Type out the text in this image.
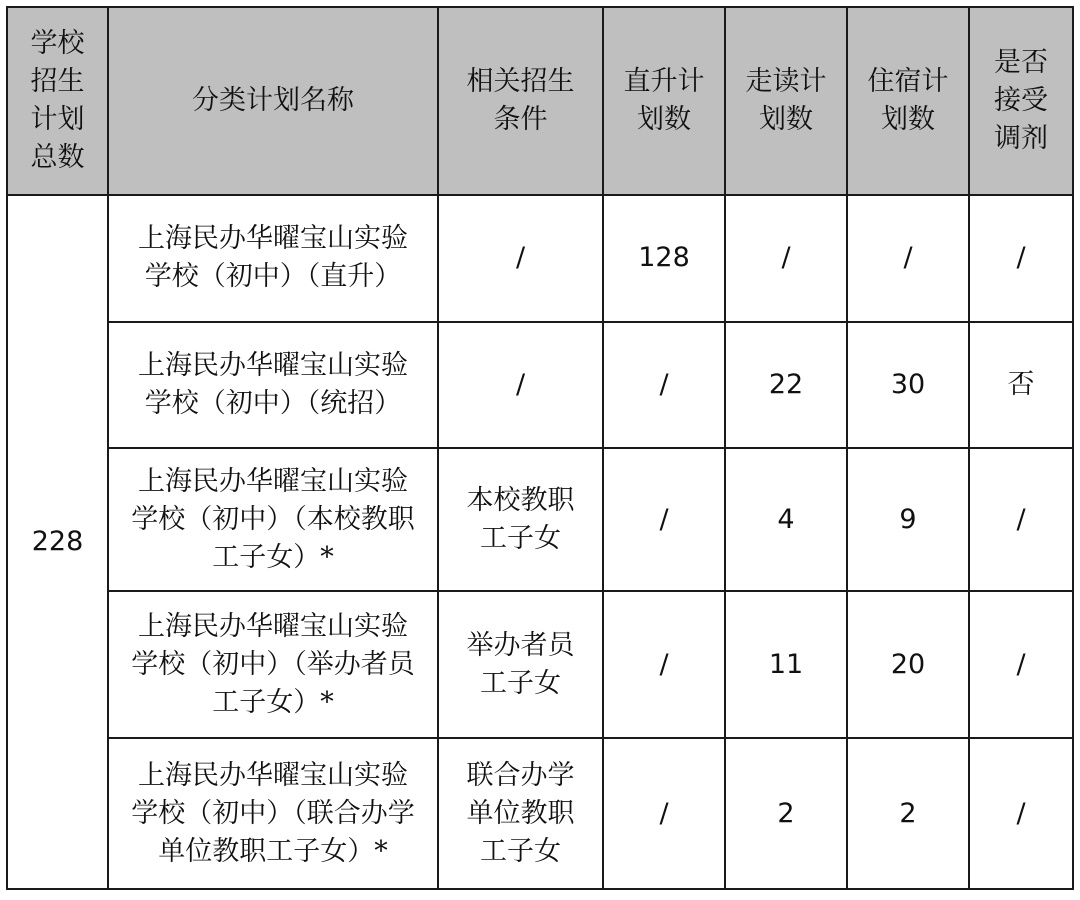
学校招生计划总数	分类计划名称	相关招生条件	直升计划数	走读计划数	住宿计划数	是否接受调剂
228	上海民办华曜宝山实验学校（初中）（直升）	/	128	/	/	/
	上海民办华曜宝山实验学校（初中）（统招）	/	/	22	30	否
	上海民办华曜宝山实验学校（初中）（本校教职工子女）*	本校教职工子女	/	4	9	/
	上海民办华曜宝山实验学校（初中）（举办者员工子女）*	举办者员工子女	/	11	20	/
	上海民办华曜宝山实验学校（初中）（联合办学单位教职工子女）*	联合办学单位教职工子女	/	2	2	/
